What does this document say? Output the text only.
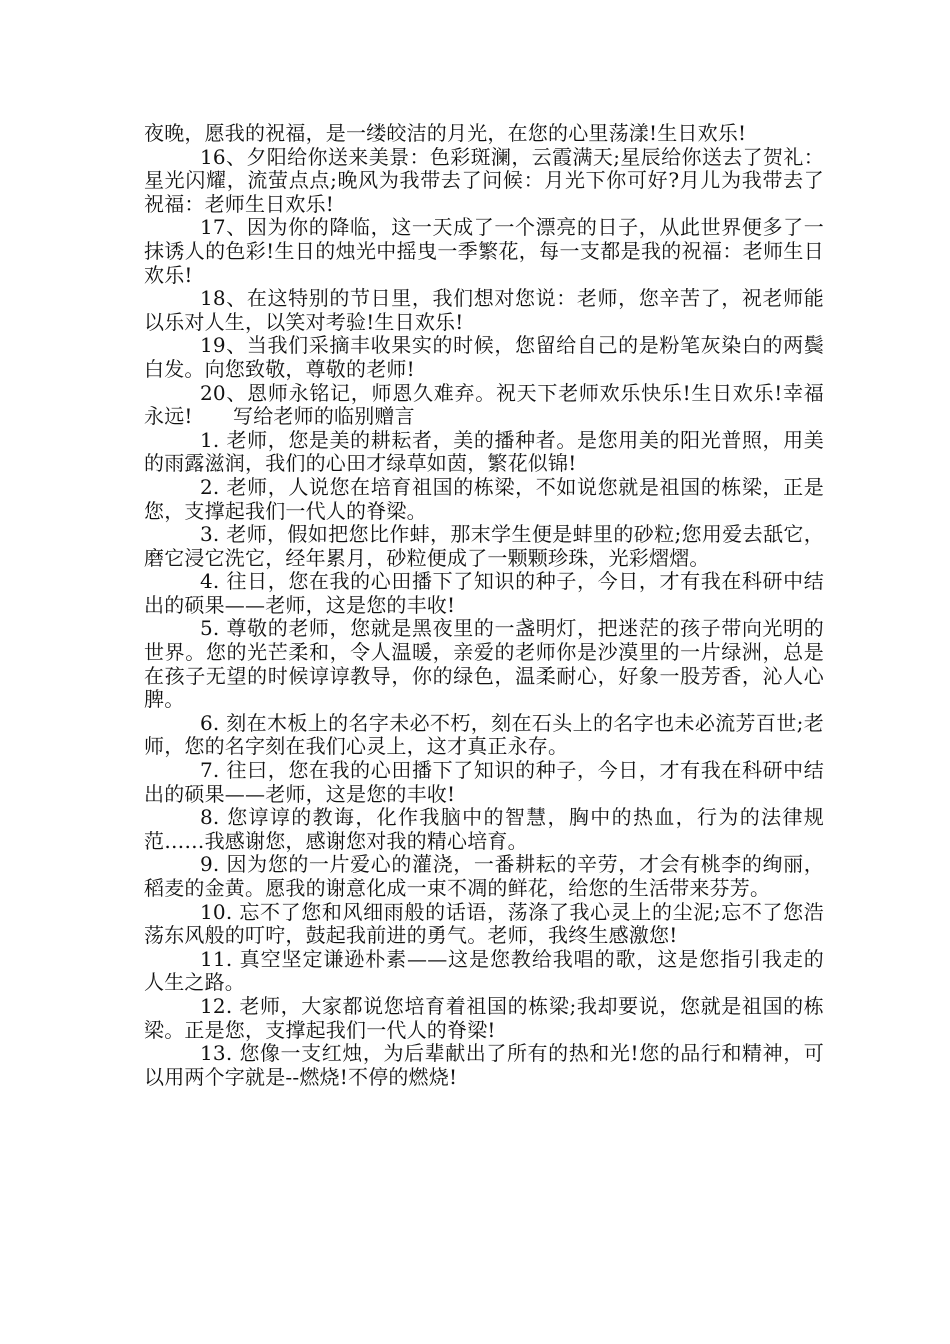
夜晚，愿我的祝福，是一缕皎洁的月光，在您的心里荡漾!生日欢乐!

16、夕阳给你送来美景：色彩斑澜，云霞满天;星辰给你送去了贺礼：星光闪耀，流萤点点;晚风为我带去了问候：月光下你可好?月儿为我带去了祝福：老师生日欢乐!

17、因为你的降临，这一天成了一个漂亮的日子，从此世界便多了一抹诱人的色彩!生日的烛光中摇曳一季繁花，每一支都是我的祝福：老师生日欢乐!

18、在这特别的节日里，我们想对您说：老师，您辛苦了，祝老师能以乐对人生，以笑对考验!生日欢乐!

19、当我们采摘丰收果实的时候，您留给自己的是粉笔灰染白的两鬓白发。向您致敬，尊敬的老师!

20、恩师永铭记，师恩久难弃。祝天下老师欢乐快乐!生日欢乐!幸福永远!　　写给老师的临别赠言

1. 老师，您是美的耕耘者，美的播种者。是您用美的阳光普照，用美的雨露滋润，我们的心田才绿草如茵，繁花似锦!

2. 老师，人说您在培育祖国的栋梁，不如说您就是祖国的栋梁，正是您，支撑起我们一代人的脊梁。

3. 老师，假如把您比作蚌，那末学生便是蚌里的砂粒;您用爱去舐它，磨它浸它洗它，经年累月，砂粒便成了一颗颗珍珠，光彩熠熠。

4. 往日，您在我的心田播下了知识的种子，今日，才有我在科研中结出的硕果——老师，这是您的丰收!

5. 尊敬的老师，您就是黑夜里的一盏明灯，把迷茫的孩子带向光明的世界。您的光芒柔和，令人温暖，亲爱的老师你是沙漠里的一片绿洲，总是在孩子无望的时候谆谆教导，你的绿色，温柔耐心，好象一股芳香，沁人心脾。

6. 刻在木板上的名字未必不朽，刻在石头上的名字也未必流芳百世;老师，您的名字刻在我们心灵上，这才真正永存。

7. 往曰，您在我的心田播下了知识的种子，今日，才有我在科研中结出的硕果——老师，这是您的丰收!

8. 您谆谆的教诲，化作我脑中的智慧，胸中的热血，行为的法律规范……我感谢您，感谢您对我的精心培育。

9. 因为您的一片爱心的灌浇，一番耕耘的辛劳，才会有桃李的绚丽，稻麦的金黄。愿我的谢意化成一束不凋的鲜花，给您的生活带来芬芳。

10. 忘不了您和风细雨般的话语，荡涤了我心灵上的尘泥;忘不了您浩荡东风般的叮咛，鼓起我前进的勇气。老师，我终生感激您!

11. 真空坚定谦逊朴素——这是您教给我唱的歌，这是您指引我走的人生之路。

12. 老师，大家都说您培育着祖国的栋梁;我却要说，您就是祖国的栋梁。正是您，支撑起我们一代人的脊梁!

13. 您像一支红烛，为后辈献出了所有的热和光!您的品行和精神，可以用两个字就是--燃烧!不停的燃烧!
